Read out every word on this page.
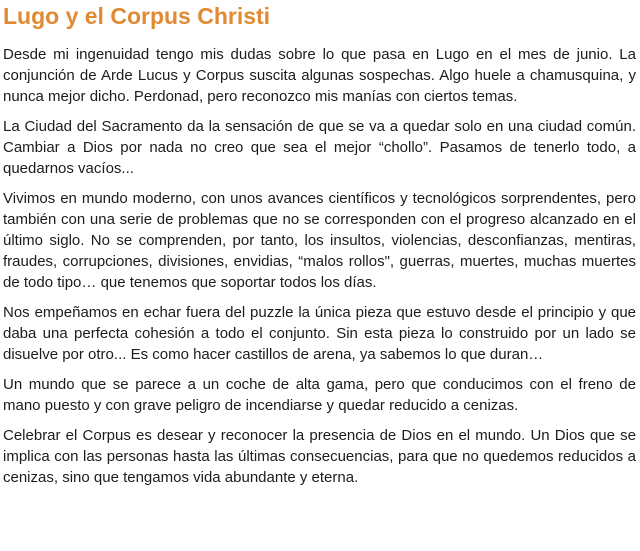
Lugo y el Corpus Christi

Desde mi ingenuidad tengo mis dudas sobre lo que pasa en Lugo en el mes de junio. La conjunción de Arde Lucus y Corpus suscita algunas sospechas. Algo huele a chamusquina, y nunca mejor dicho. Perdonad, pero reconozco mis manías con ciertos temas.

La Ciudad del Sacramento da la sensación de que se va a quedar solo en una ciudad común. Cambiar a Dios por nada no creo que sea el mejor “chollo”. Pasamos de tenerlo todo, a quedarnos vacíos...

Vivimos en mundo moderno, con unos avances científicos y tecnológicos sorprendentes, pero también con una serie de problemas que no se corresponden con el progreso alcanzado en el último siglo. No se comprenden, por tanto, los insultos, violencias, desconfianzas, mentiras, fraudes, corrupciones, divisiones, envidias, “malos rollos", guerras, muertes, muchas muertes de todo tipo… que tenemos que soportar todos los días.

Nos empeñamos en echar fuera del puzzle la única pieza que estuvo desde el principio y que daba una perfecta cohesión a todo el conjunto. Sin esta pieza lo construido por un lado se disuelve por otro... Es como hacer castillos de arena, ya sabemos lo que duran…

Un mundo que se parece a un coche de alta gama, pero que conducimos con el freno de mano puesto y con grave peligro de incendiarse y quedar reducido a cenizas.

Celebrar el Corpus es desear y reconocer la presencia de Dios en el mundo. Un Dios que se implica con las personas hasta las últimas consecuencias, para que no quedemos reducidos a cenizas, sino que tengamos vida abundante y eterna.
